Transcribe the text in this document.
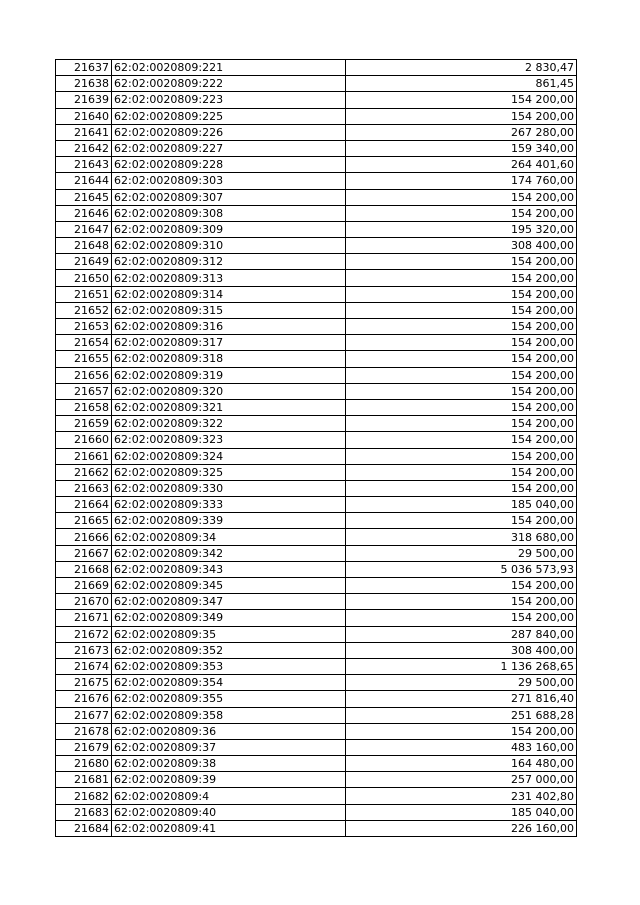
21637	62:02:0020809:221	2 830,47
21638	62:02:0020809:222	861,45
21639	62:02:0020809:223	154 200,00
21640	62:02:0020809:225	154 200,00
21641	62:02:0020809:226	267 280,00
21642	62:02:0020809:227	159 340,00
21643	62:02:0020809:228	264 401,60
21644	62:02:0020809:303	174 760,00
21645	62:02:0020809:307	154 200,00
21646	62:02:0020809:308	154 200,00
21647	62:02:0020809:309	195 320,00
21648	62:02:0020809:310	308 400,00
21649	62:02:0020809:312	154 200,00
21650	62:02:0020809:313	154 200,00
21651	62:02:0020809:314	154 200,00
21652	62:02:0020809:315	154 200,00
21653	62:02:0020809:316	154 200,00
21654	62:02:0020809:317	154 200,00
21655	62:02:0020809:318	154 200,00
21656	62:02:0020809:319	154 200,00
21657	62:02:0020809:320	154 200,00
21658	62:02:0020809:321	154 200,00
21659	62:02:0020809:322	154 200,00
21660	62:02:0020809:323	154 200,00
21661	62:02:0020809:324	154 200,00
21662	62:02:0020809:325	154 200,00
21663	62:02:0020809:330	154 200,00
21664	62:02:0020809:333	185 040,00
21665	62:02:0020809:339	154 200,00
21666	62:02:0020809:34	318 680,00
21667	62:02:0020809:342	29 500,00
21668	62:02:0020809:343	5 036 573,93
21669	62:02:0020809:345	154 200,00
21670	62:02:0020809:347	154 200,00
21671	62:02:0020809:349	154 200,00
21672	62:02:0020809:35	287 840,00
21673	62:02:0020809:352	308 400,00
21674	62:02:0020809:353	1 136 268,65
21675	62:02:0020809:354	29 500,00
21676	62:02:0020809:355	271 816,40
21677	62:02:0020809:358	251 688,28
21678	62:02:0020809:36	154 200,00
21679	62:02:0020809:37	483 160,00
21680	62:02:0020809:38	164 480,00
21681	62:02:0020809:39	257 000,00
21682	62:02:0020809:4	231 402,80
21683	62:02:0020809:40	185 040,00
21684	62:02:0020809:41	226 160,00
